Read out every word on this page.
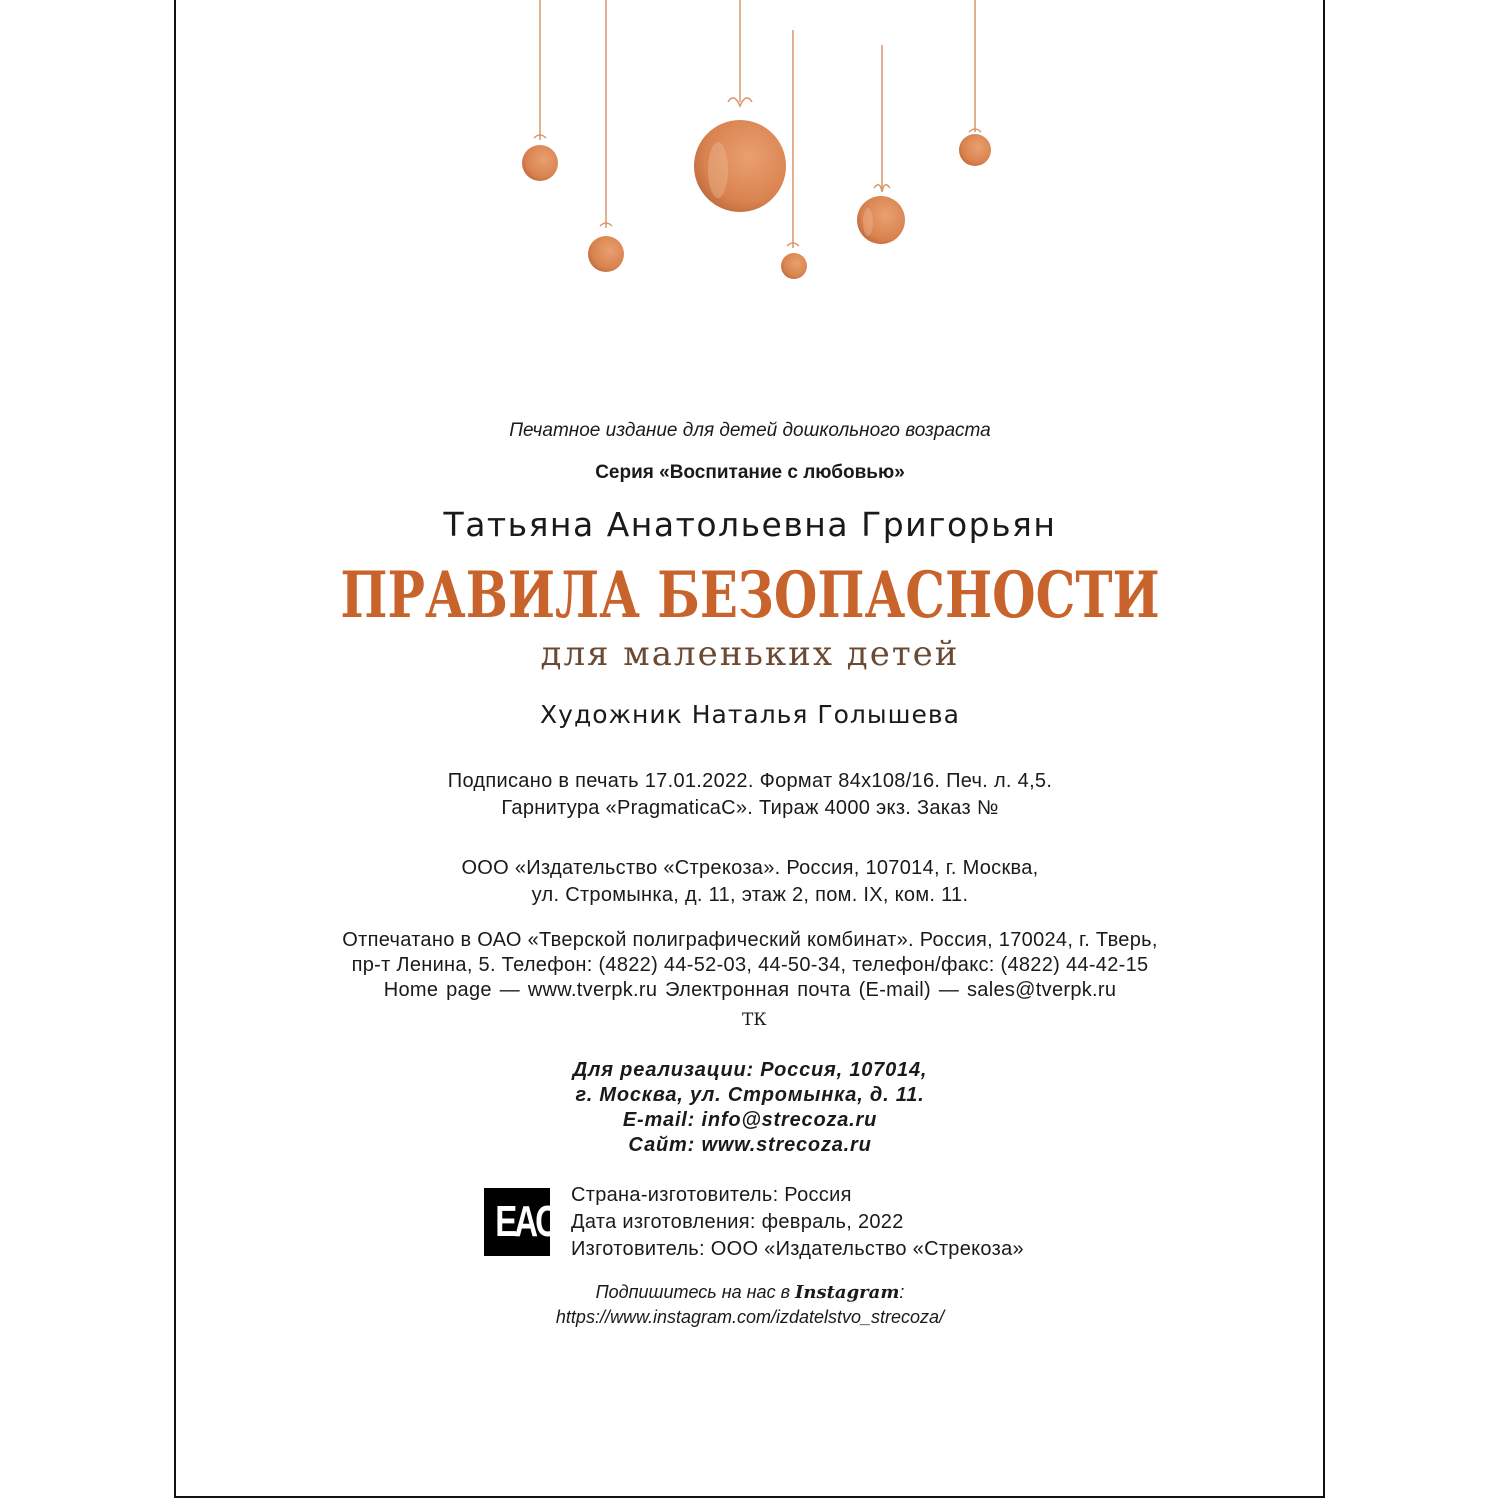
Печатное издание для детей дошкольного возраста
Серия «Воспитание с любовью»
Татьяна Анатольевна Григорьян
ПРАВИЛА БЕЗОПАСНОСТИ
для маленьких детей
Художник Наталья Голышева
Подписано в печать 17.01.2022. Формат 84x108/16. Печ. л. 4,5.
Гарнитура «PragmaticaC». Тираж 4000 экз. Заказ №
ООО «Издательство «Стрекоза». Россия, 107014, г. Москва,
ул. Стромынка, д. 11, этаж 2, пом. IX, ком. 11.
Отпечатано в ОАО «Тверской полиграфический комбинат». Россия, 170024, г. Тверь,
пр-т Ленина, 5. Телефон: (4822) 44-52-03, 44-50-34, телефон/факс: (4822) 44-42-15
Home page — www.tverpk.ru Электронная почта (E-mail) — sales@tverpk.ru
ТК
Для реализации: Россия, 107014,
г. Москва, ул. Стромынка, д. 11.
E-mail: info@strecoza.ru
Сайт: www.strecoza.ru
EAC
Страна-изготовитель: Россия
Дата изготовления: февраль, 2022
Изготовитель: ООО «Издательство «Стрекоза»
Подпишитесь на нас в Instagram:
https://www.instagram.com/izdatelstvo_strecoza/
